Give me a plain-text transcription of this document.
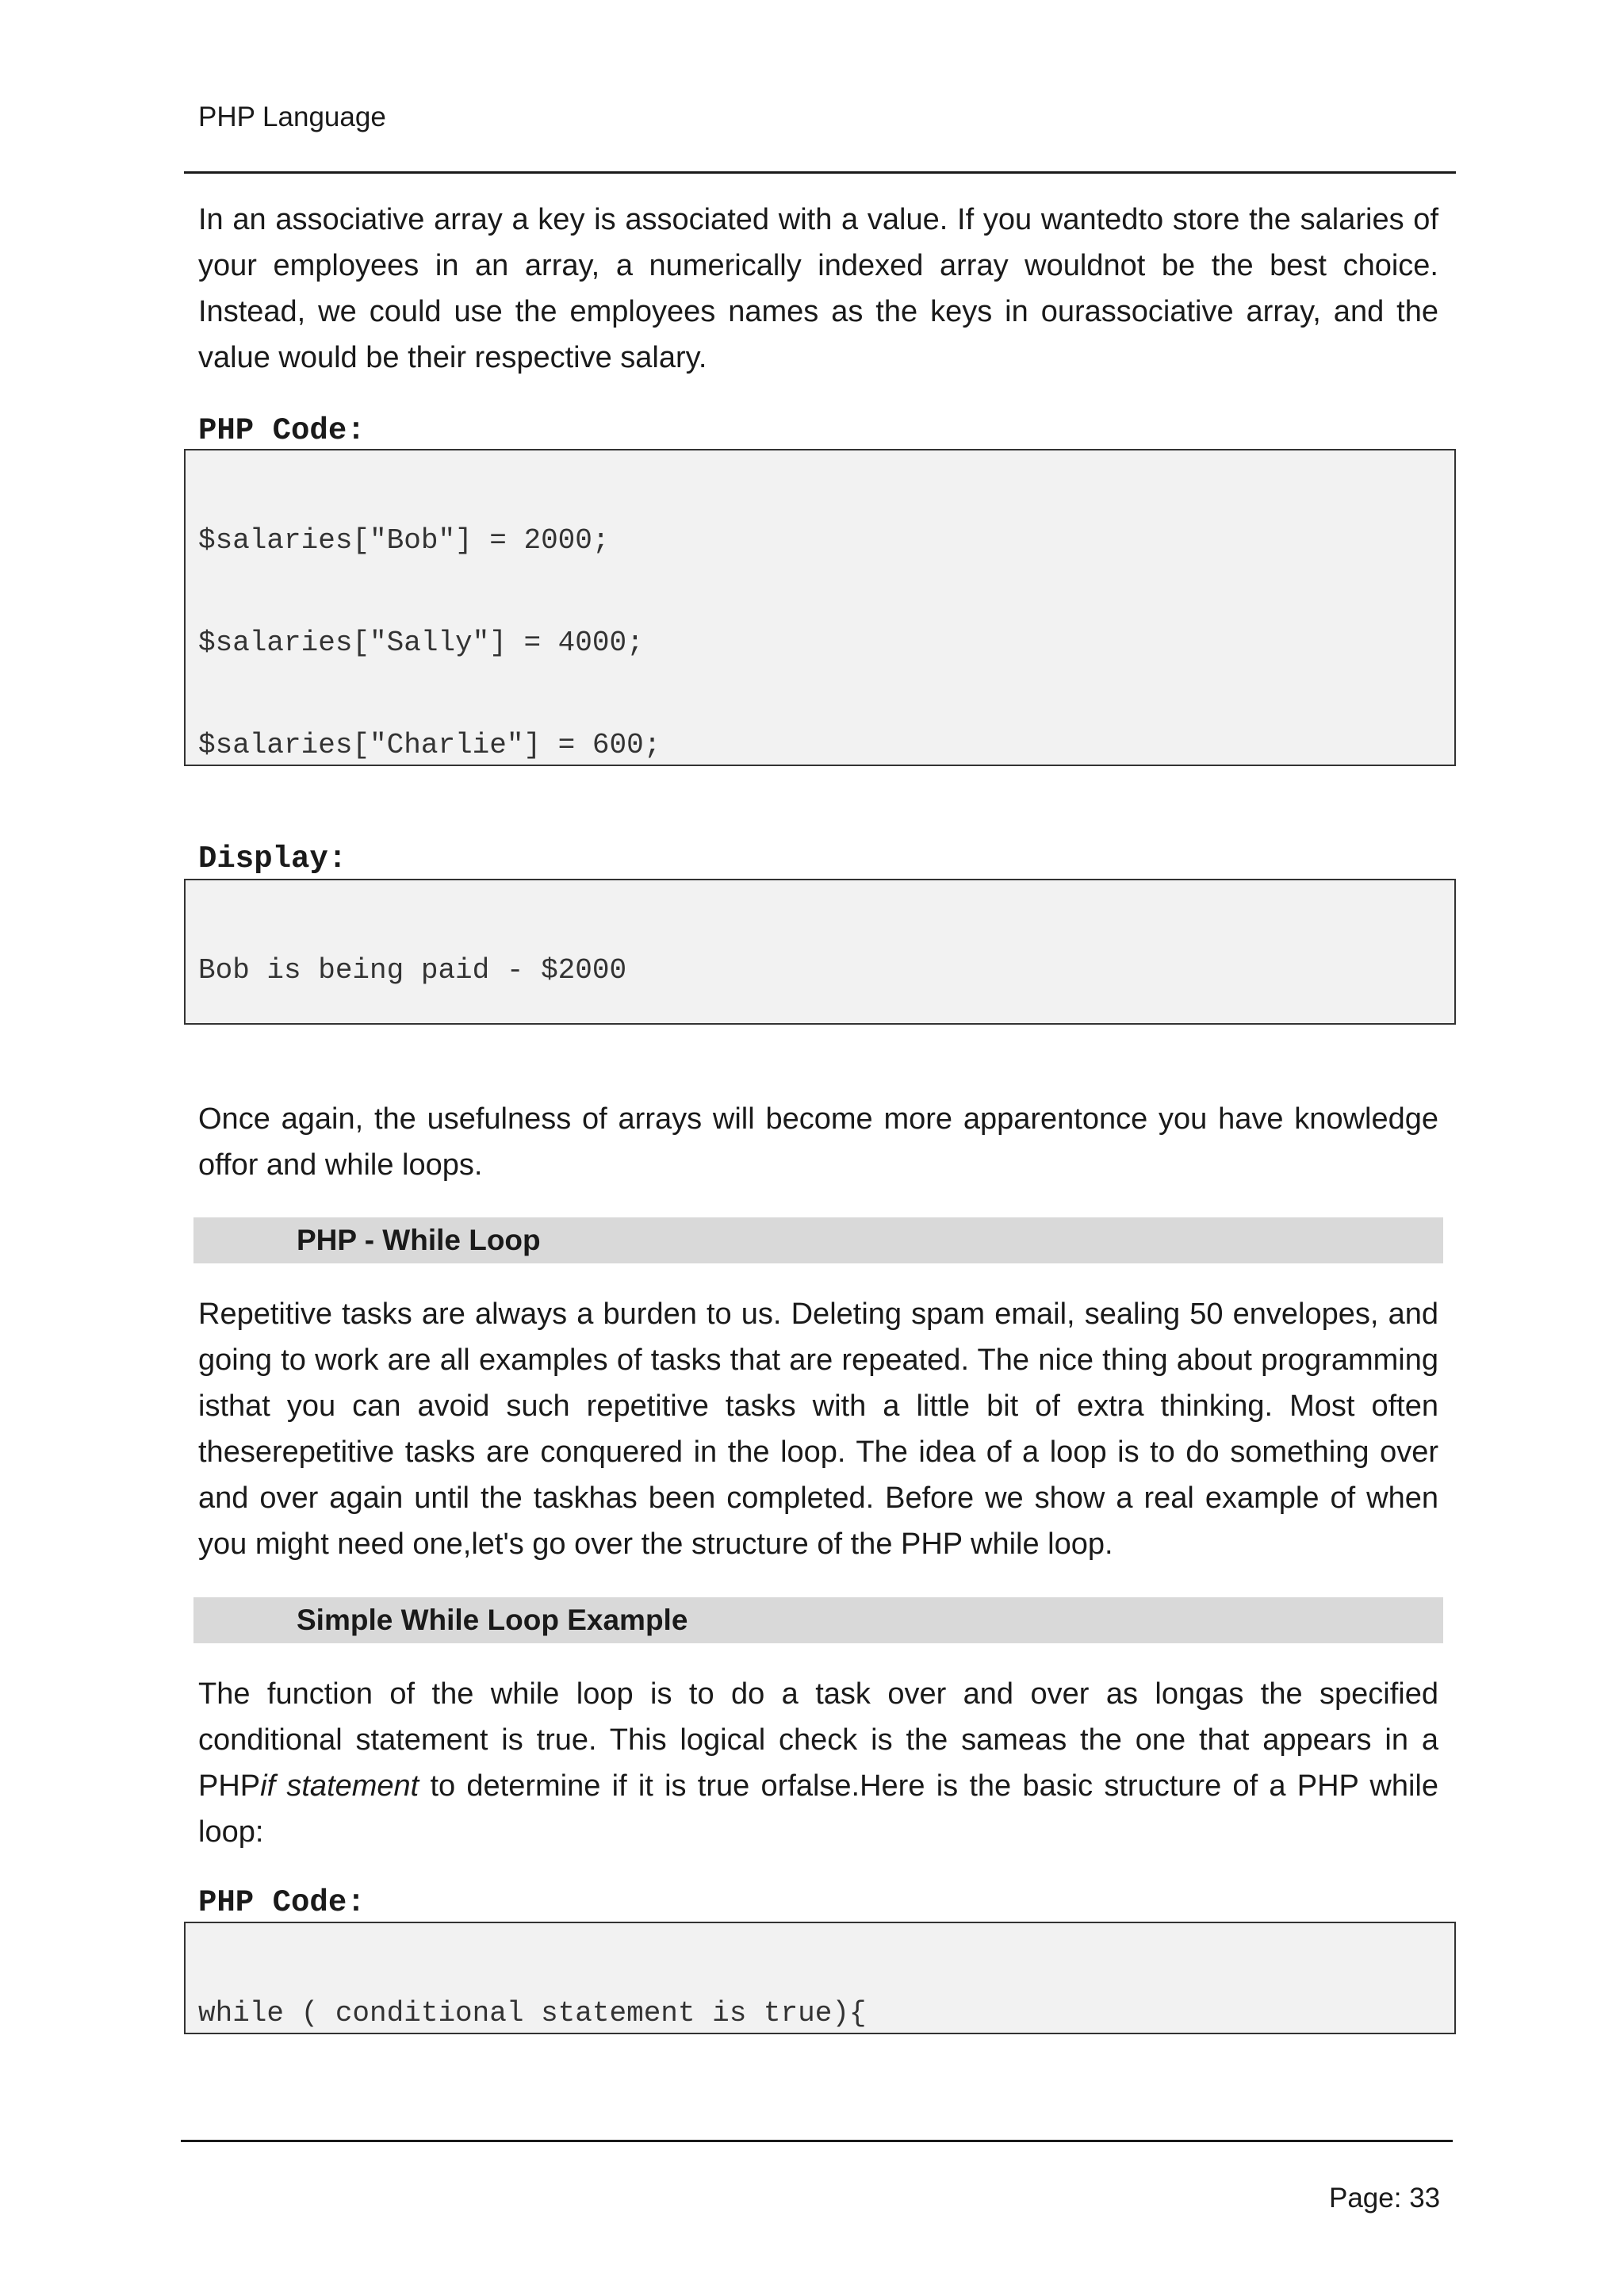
PHP Language

In an associative array a key is associated with a value. If you wantedto store the salaries of your employees in an array, a numerically indexed array wouldnot be the best choice. Instead, we could use the employees names as the keys in ourassociative array, and the value would be their respective salary.

PHP Code:

$salaries["Bob"] = 2000;

$salaries["Sally"] = 4000;

$salaries["Charlie"] = 600;

Display:

Bob is being paid - $2000

Once again, the usefulness of arrays will become more apparentonce you have knowledge offor and while loops.

PHP - While Loop

Repetitive tasks are always a burden to us. Deleting spam email, sealing 50 envelopes, and going to work are all examples of tasks that are repeated. The nice thing about programming isthat you can avoid such repetitive tasks with a little bit of extra thinking. Most often theserepetitive tasks are conquered in the loop. The idea of a loop is to do something over and over again until the taskhas been completed. Before we show a real example of when you might need one,let's go over the structure of the PHP while loop.

Simple While Loop Example

The function of the while loop is to do a task over and over as longas the specified conditional statement is true. This logical check is the sameas the one that appears in a PHPif statement to determine if it is true orfalse.Here is the basic structure of a PHP while loop:

PHP Code:

while ( conditional statement is true){

Page: 33
